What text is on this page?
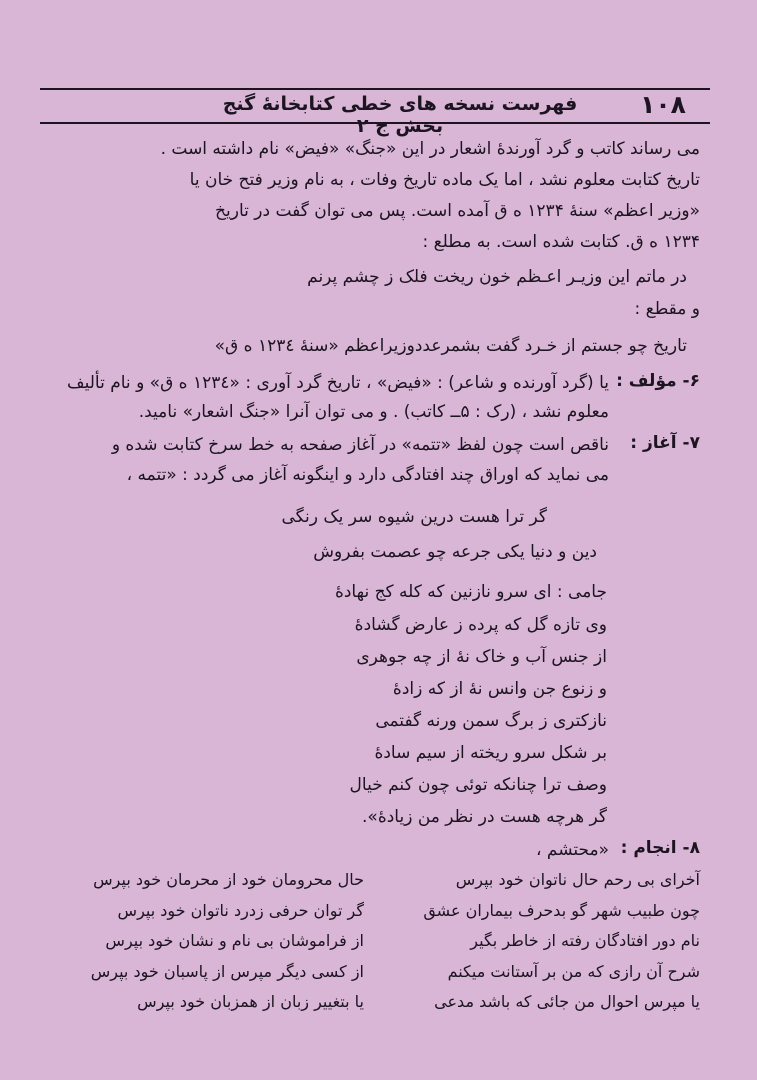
١٠٨
فهرست نسخه های خطی کتابخانهٔ گنج بخش ج ۲
می رساند کاتب و گرد آورندهٔ اشعار در این «جنگ» «فیض» نام داشته است .
تاریخ کتابت معلوم نشد ، اما یک ماده تاریخ وفات ، به نام وزیر فتح خان یا
«وزیر اعظم» سنهٔ ۱۲۳۴ ه ق آمده است. پس می توان گفت در تاریخ
۱۲۳۴ ه ق. کتابت شده است. به مطلع :
در ماتم این وزیـر اعـظم خون ریخت فلک ز چشم پرنم
و مقطع :
تاریخ چو جستم از خـرد گفت بشمرعددوزیراعظم «سنهٔ ۱۲۳٤ ه ق»
۶- مؤلف :
یا (گرد آورنده و شاعر) : «فیض» ، تاریخ گرد آوری : «۱۲۳٤ ه ق» و نام تألیف
معلوم نشد ، (رک : ۵ــ کاتب) . و می توان آنرا «جنگ اشعار» نامید.
۷- آغاز :
ناقص است چون لفظ «تتمه» در آغاز صفحه به خط سرخ کتابت شده و
می نماید که اوراق چند افتادگی دارد و اینگونه آغاز می گردد : «تتمه ،
گر ترا هست درین شیوه سر یک رنگی
دین و دنیا یکی جرعه چو عصمت بفروش
جامی : ای سرو نازنین که کله کج نهادهٔ
وی تازه گل که پرده ز عارض گشادهٔ
از جنس آب و خاک نهٔ از چه جوهری
و زنوع جن وانس نهٔ از که زادهٔ
نازکتری ز برگ سمن ورنه گفتمی
بر شکل سرو ریخته از سیم سادهٔ
وصف ترا چنانکه توئی چون کنم خیال
گر هرچه هست در نظر من زیادهٔ».
۸- انجام :
«محتشم ،
آخرای بی رحم حال ناتوان خود بپرس
چون طبیب شهر گو بدحرف بیماران عشق
نام دور افتادگان رفته از خاطر بگیر
شرح آن رازی که من بر آستانت میکنم
یا مپرس احوال من جائی که باشد مدعی
حال محرومان خود از محرمان خود بپرس
گر توان حرفی زدرد ناتوان خود بپرس
از فراموشان بی نام و نشان خود بپرس
از کسی دیگر مپرس از پاسبان خود بپرس
یا بتغییر زبان از همزبان خود بپرس
